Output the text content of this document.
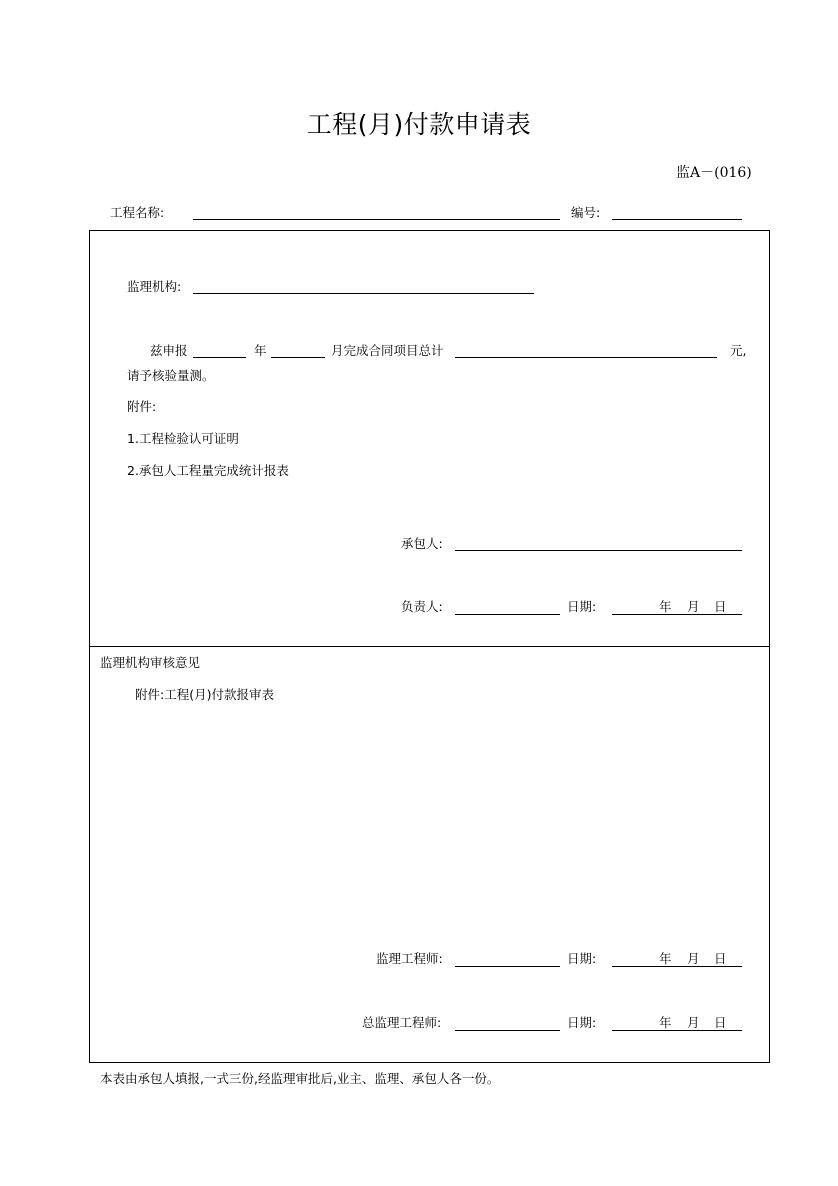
工程(月)付款申请表
监A－(016)
工程名称:	编号:
监理机构:
兹申报	年	月完成合同项目总计	元,
请予核验量测。
附件:
1.工程检验认可证明
2.承包人工程量完成统计报表
承包人:
负责人:	日期:	年 月 日
监理机构审核意见
附件:工程(月)付款报审表
监理工程师:	日期:	年 月 日
总监理工程师:	日期:	年 月 日
本表由承包人填报,一式三份,经监理审批后,业主、监理、承包人各一份。
